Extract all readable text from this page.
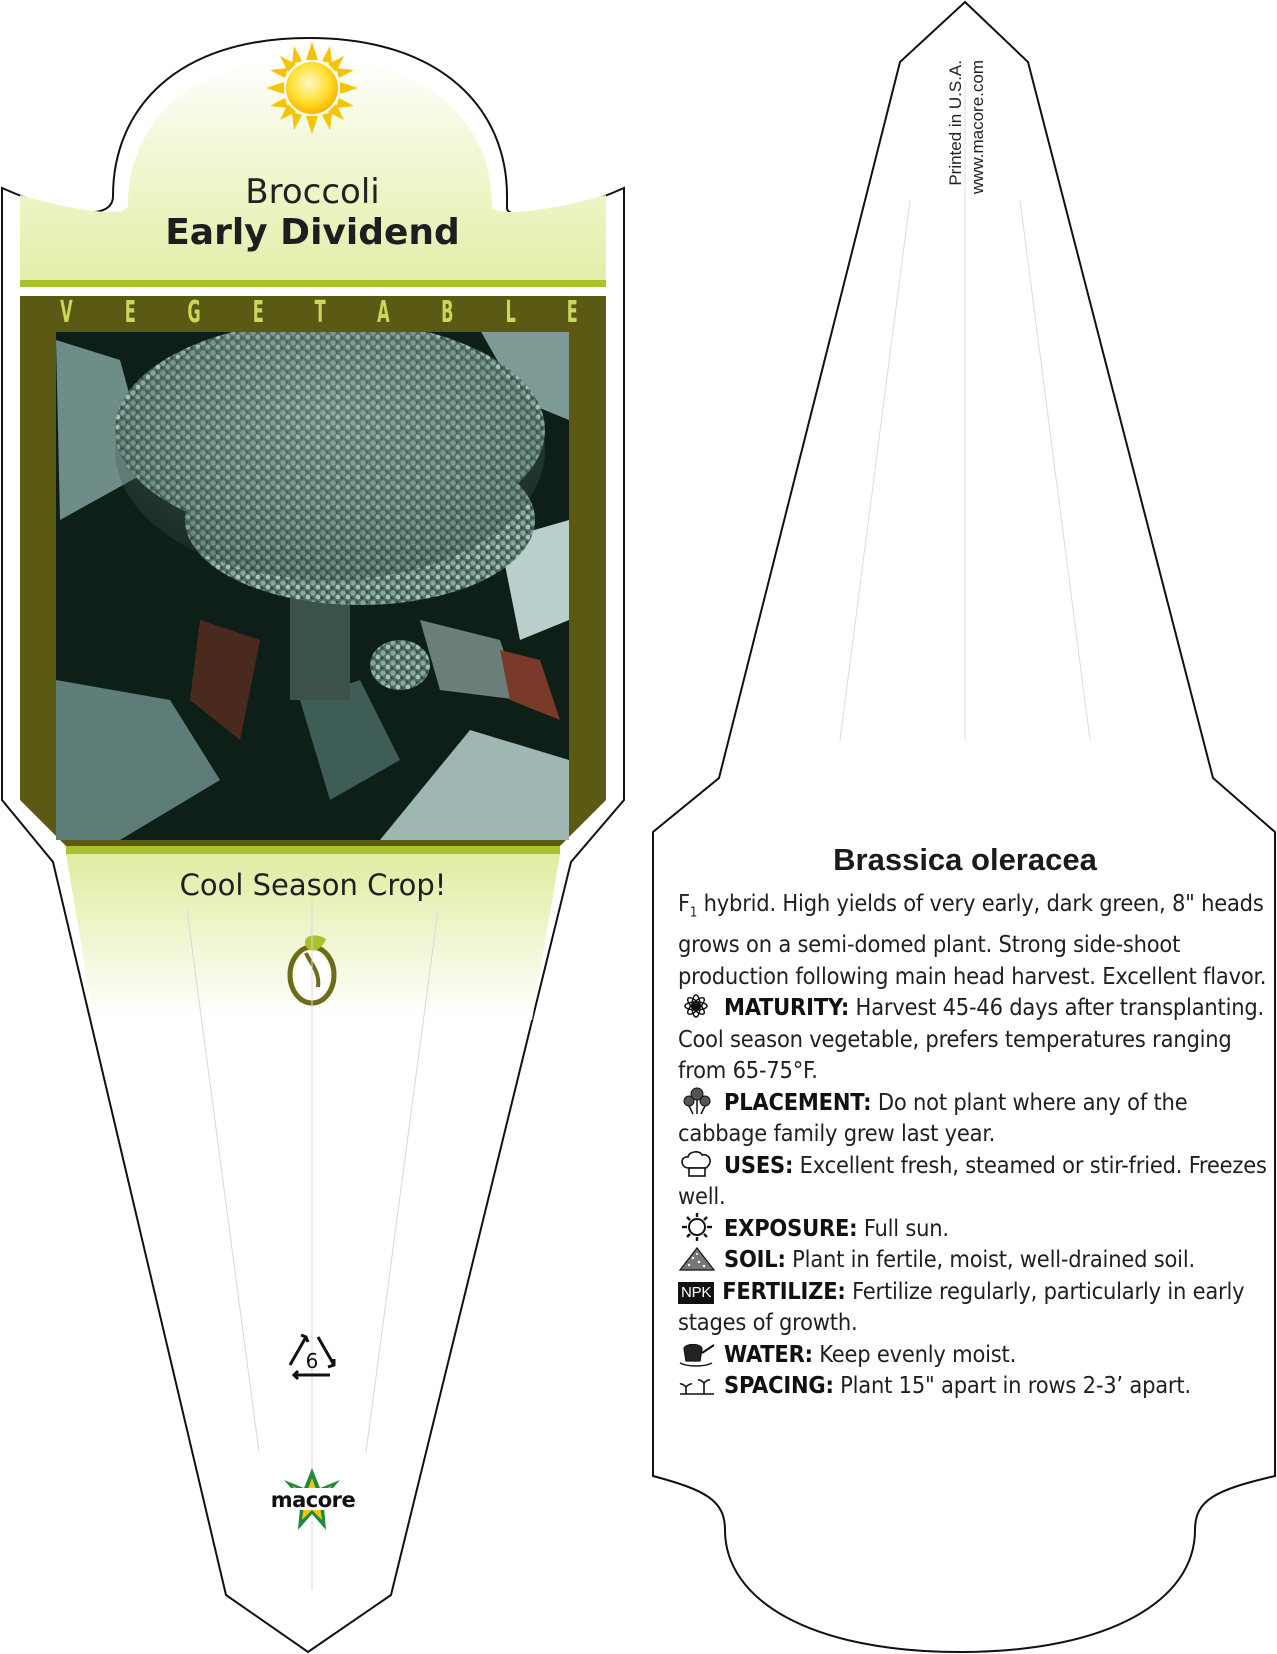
Broccoli
Early Dividend
V E G E T A B L E
Cool Season Crop!
6
macore
Printed in U.S.A. www.macore.com
Brassica oleracea

$F_1$ hybrid. High yields of very early, dark green, 8" heads grows on a semi-domed plant. Strong side-shoot production following main head harvest. Excellent flavor.

MATURITY: Harvest 45-46 days after transplanting. Cool season vegetable, prefers temperatures ranging from 65-75°F.

PLACEMENT: Do not plant where any of the cabbage family grew last year.

USES: Excellent fresh, steamed or stir-fried. Freezes well.

EXPOSURE: Full sun.

SOIL: Plant in fertile, moist, well-drained soil.

NPK FERTILIZE: Fertilize regularly, particularly in early stages of growth.

WATER: Keep evenly moist.

SPACING: Plant 15" apart in rows 2-3’ apart.
